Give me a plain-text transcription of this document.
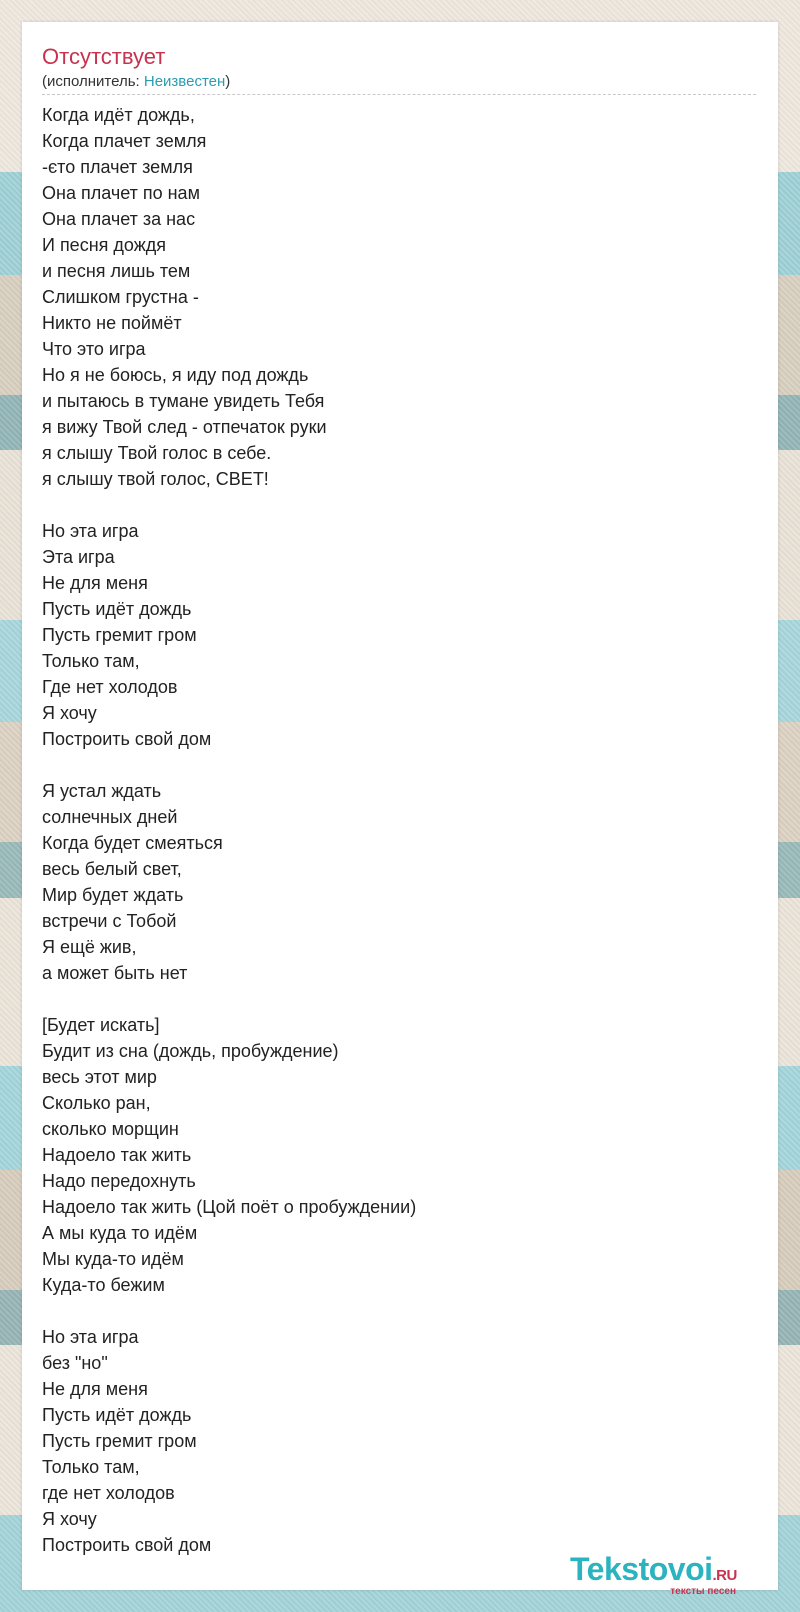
Отсутствует
(исполнитель: Неизвестен)
Когда идёт дождь,
Когда плачет земля
-єто плачет земля
Она плачет по нам
Она плачет за нас
И песня дождя
и песня лишь тем
Слишком грустна -
Никто не поймёт
Что это игра
Но я не боюсь, я иду под дождь
и пытаюсь в тумане увидеть Тебя
я вижу Твой след - отпечаток руки
я слышу Твой голос в себе.
я слышу твой голос, СВЕТ!
Но эта игра
Эта игра
Не для меня
Пусть идёт дождь
Пусть гремит гром
Только там,
Где нет холодов
Я хочу
Построить свой дом
Я устал ждать
солнечных дней
Когда будет смеяться
весь белый свет,
Мир будет ждать
встречи с Тобой
Я ещё жив,
а может быть нет
[Будет искать]
Будит из сна (дождь, пробуждение)
весь этот мир
Сколько ран,
сколько морщин
Надоело так жить
Надо передохнуть
Надоело так жить (Цой поёт о пробуждении)
А мы куда то идём
Мы куда-то идём
Куда-то бежим
Но эта игра
без "но"
Не для меня
Пусть идёт дождь
Пусть гремит гром
Только там,
где нет холодов
Я хочу
Построить свой дом
Tekstovoi.RU
тексты песен
